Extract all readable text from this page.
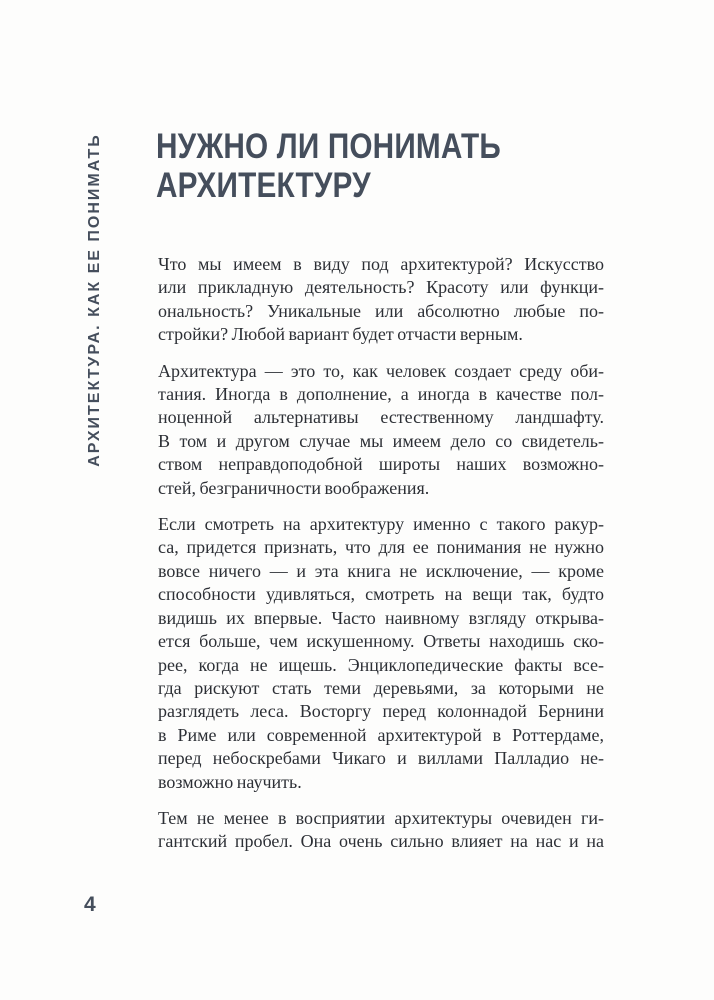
АРХИТЕКТУРА. КАК ЕЕ ПОНИМАТЬ НУЖНО ЛИ ПОНИМАТЬ
АРХИТЕКТУРУ
Что мы имеем в виду под архитектурой? Искусство
или прикладную деятельность? Красоту или функци-
ональность? Уникальные или абсолютно любые по-
стройки? Любой вариант будет отчасти верным.
Архитектура — это то, как человек создает среду оби-
тания. Иногда в дополнение, а иногда в качестве пол-
ноценной альтернативы естественному ландшафту.
В том и другом случае мы имеем дело со свидетель-
ством неправдоподобной широты наших возможно-
стей, безграничности воображения.
Если смотреть на архитектуру именно с такого ракур-
са, придется признать, что для ее понимания не нужно
вовсе ничего — и эта книга не исключение, — кроме
способности удивляться, смотреть на вещи так, будто
видишь их впервые. Часто наивному взгляду открыва-
ется больше, чем искушенному. Ответы находишь ско-
рее, когда не ищешь. Энциклопедические факты все-
гда рискуют стать теми деревьями, за которыми не
разглядеть леса. Восторгу перед колоннадой Бернини
в Риме или современной архитектурой в Роттердаме,
перед небоскребами Чикаго и виллами Палладио не-
возможно научить.
Тем не менее в восприятии архитектуры очевиден ги-
гантский пробел. Она очень сильно влияет на нас и на
4
